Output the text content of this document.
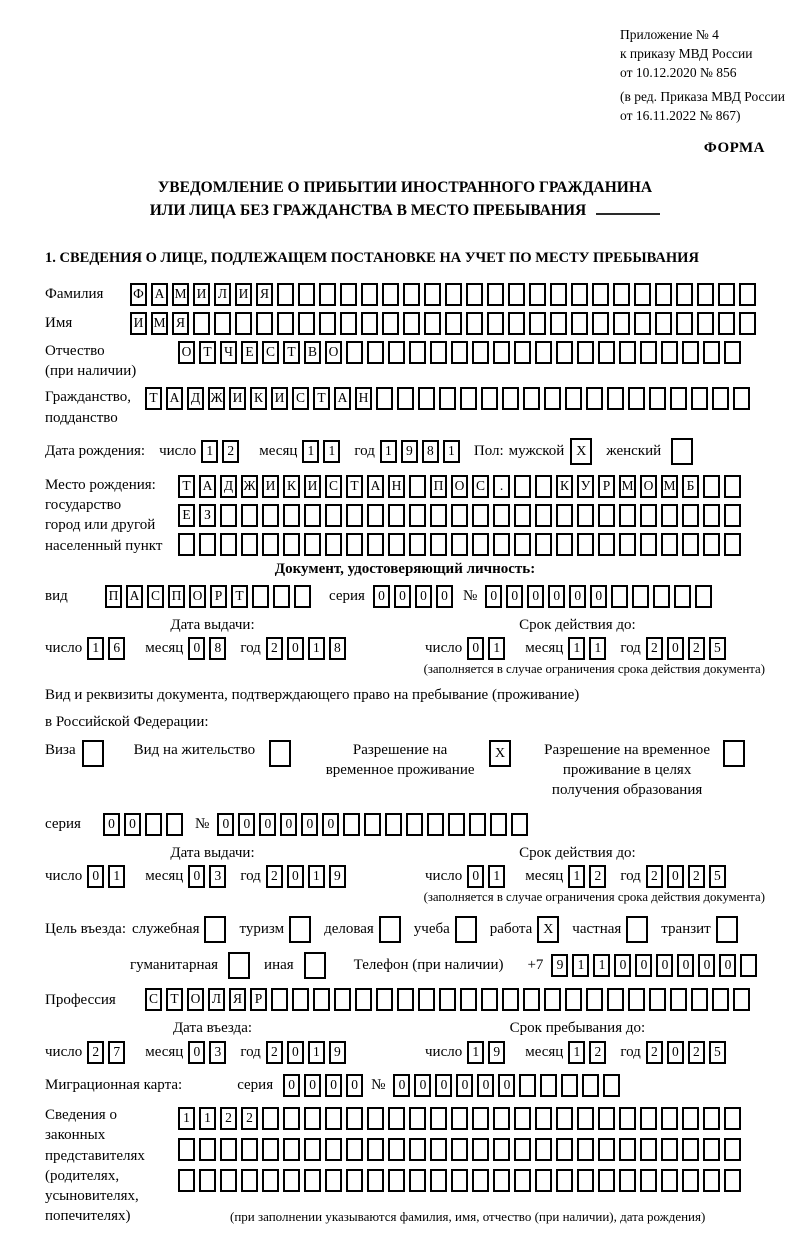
Приложение № 4
к приказу МВД России
от 10.12.2020 № 856
(в ред. Приказа МВД России
от 16.11.2022 № 867)
ФОРМА
УВЕДОМЛЕНИЕ О ПРИБЫТИИ ИНОСТРАННОГО ГРАЖДАНИНА
ИЛИ ЛИЦА БЕЗ ГРАЖДАНСТВА В МЕСТО ПРЕБЫВАНИЯ
1. СВЕДЕНИЯ О ЛИЦЕ, ПОДЛЕЖАЩЕМ ПОСТАНОВКЕ НА УЧЕТ ПО МЕСТУ ПРЕБЫВАНИЯ
Фамилия	Ф А М И Л И Я
Имя	И М Я
Отчество
(при наличии)
О Т Ч Е С Т В О
Гражданство,
подданство
Т А Д Ж И К И С Т А Н
Дата рождения: число 1	2	месяц 1	1	год 1	9	8	1	Пол: мужской X	женский
Место рождения:
государство
город или другой
населенный пункт
Т А Д Ж И К И С Т А Н П О С	.	К У Р М О М Б
Е З
Документ, удостоверяющий личность:
вид	П А С П О Р Т	серия 0	0	0	0	№ 0	0	0	0	0	0
Дата выдачи:
число 1	6	месяц 0	8	год 2	0	1	8
Срок действия до:
число 0	1	месяц 1	1	год 2	0	2	5
(заполняется в случае ограничения срока действия документа)
Вид и реквизиты документа, подтверждающего право на пребывание (проживание)
в Российской Федерации:
Виза	Вид на жительство	Разрешение на временное проживание
X	Разрешение на временное проживание в целях получения образования
серия	0	0	№ 0	0	0	0	0	0
Дата выдачи:
число 0	1	месяц 0	3	год 2	0	1	9
Срок действия до:
число 0	1	месяц 1	2	год 2	0	2	5
(заполняется в случае ограничения срока действия документа)
Цель въезда: служебная	туризм	деловая	учеба	работа X	частная	транзит
гуманитарная	иная	Телефон (при наличии) +7 9	1	1	0	0	0	0	0	0
Профессия	С Т О Л Я Р
Дата въезда:
число 2	7	месяц 0	3	год 2	0	1	9
Срок пребывания до:
число 1	9	месяц 1	2	год 2	0	2	5
Миграционная карта:	серия	0	0	0	0 № 0	0	0	0	0	0
Сведения о
законных
представителях
(родителях,
усыновителях,
попечителях)
1	1	2	2
(при заполнении указываются фамилия, имя, отчество (при наличии), дата рождения)
